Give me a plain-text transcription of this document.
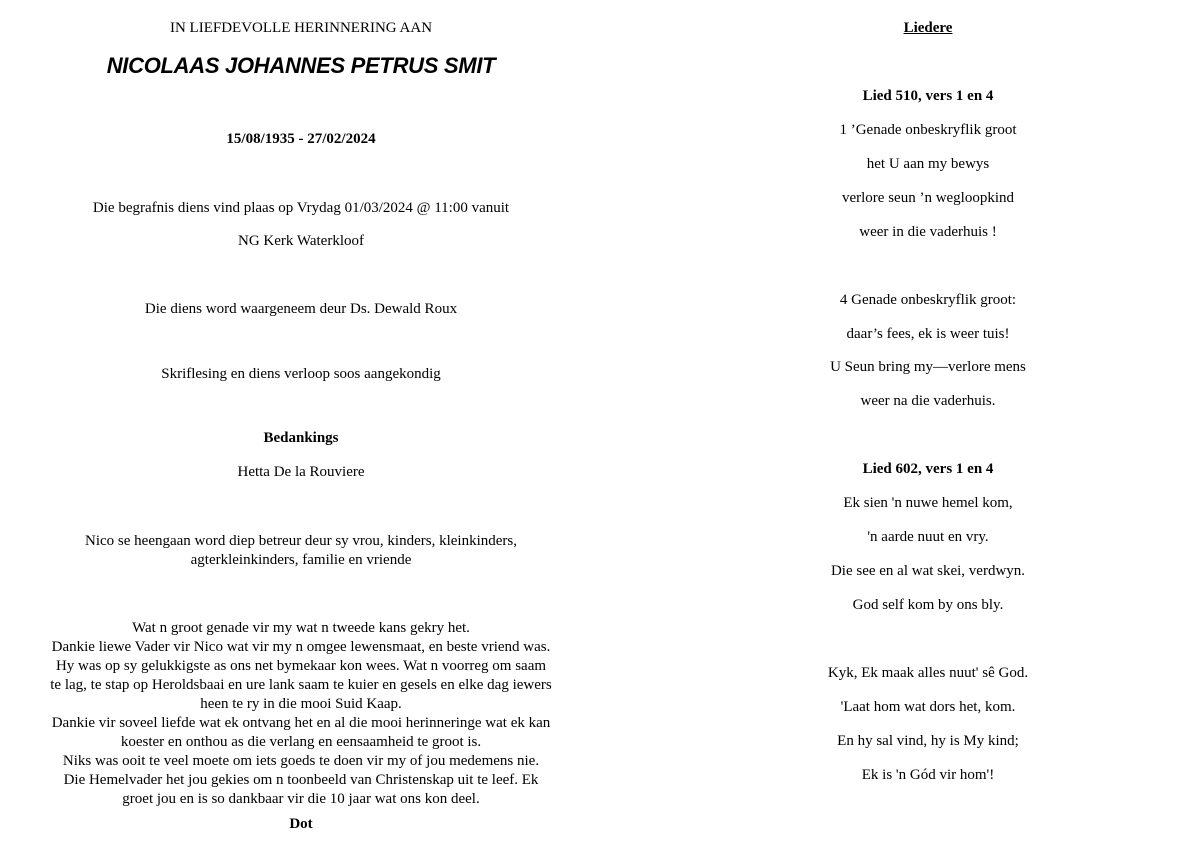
IN LIEFDEVOLLE HERINNERING AAN
NICOLAAS JOHANNES PETRUS SMIT
15/08/1935 - 27/02/2024
Die begrafnis diens vind plaas op Vrydag 01/03/2024 @ 11:00 vanuit
NG Kerk Waterkloof
Die diens word waargeneem deur Ds. Dewald Roux
Skriflesing en diens verloop soos aangekondig
Bedankings
Hetta De la Rouviere
Nico se heengaan word diep betreur deur sy vrou, kinders, kleinkinders,
agterkleinkinders, familie en vriende
Wat n groot genade vir my wat n tweede kans gekry het.
Dankie liewe Vader vir Nico wat vir my n omgee lewensmaat, en beste vriend was.
Hy was op sy gelukkigste as ons net bymekaar kon wees. Wat n voorreg om saam
te lag, te stap op Heroldsbaai en ure lank saam te kuier en gesels en elke dag iewers
heen te ry in die mooi Suid Kaap.
Dankie vir soveel liefde wat ek ontvang het en al die mooi herinneringe wat ek kan
koester en onthou as die verlang en eensaamheid te groot is.
Niks was ooit te veel moete om iets goeds te doen vir my of jou medemens nie.
Die Hemelvader het jou gekies om n toonbeeld van Christenskap uit te leef. Ek
groet jou en is so dankbaar vir die 10 jaar wat ons kon deel.
Dot
Liedere
Lied 510, vers 1 en 4
1 ’Genade onbeskryflik groot
het U aan my bewys
verlore seun ’n wegloopkind
weer in die vaderhuis !
4 Genade onbeskryflik groot:
daar’s fees, ek is weer tuis!
U Seun bring my—verlore mens
weer na die vaderhuis.
Lied 602, vers 1 en 4
Ek sien 'n nuwe hemel kom,
'n aarde nuut en vry.
Die see en al wat skei, verdwyn.
God self kom by ons bly.
Kyk, Ek maak alles nuut' sê God.
'Laat hom wat dors het, kom.
En hy sal vind, hy is My kind;
Ek is 'n Gód vir hom'!
